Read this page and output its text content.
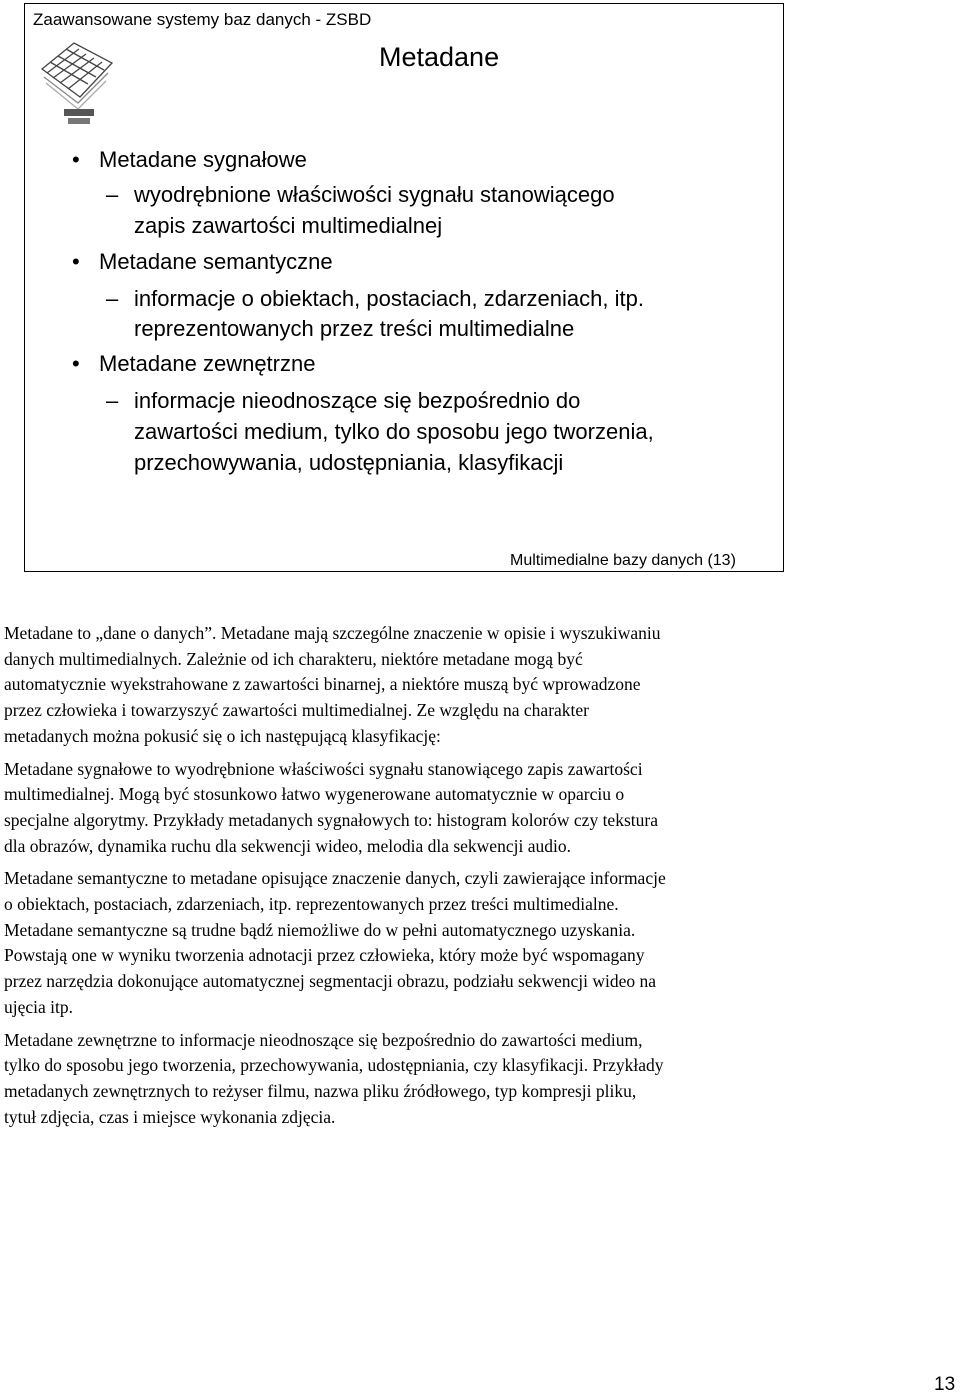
Zaawansowane systemy baz danych - ZSBD
Metadane
• Metadane sygnałowe
– wyodrębnione właściwości sygnału stanowiącego
zapis zawartości multimedialnej
• Metadane semantyczne
– informacje o obiektach, postaciach, zdarzeniach, itp.
reprezentowanych przez treści multimedialne
• Metadane zewnętrzne
– informacje nieodnoszące się bezpośrednio do
zawartości medium, tylko do sposobu jego tworzenia,
przechowywania, udostępniania, klasyfikacji
Multimedialne bazy danych (13)

Metadane to „dane o danych”. Metadane mają szczególne znaczenie w opisie i wyszukiwaniu
danych multimedialnych. Zależnie od ich charakteru, niektóre metadane mogą być
automatycznie wyekstrahowane z zawartości binarnej, a niektóre muszą być wprowadzone
przez człowieka i towarzyszyć zawartości multimedialnej. Ze względu na charakter
metadanych można pokusić się o ich następującą klasyfikację:

Metadane sygnałowe to wyodrębnione właściwości sygnału stanowiącego zapis zawartości
multimedialnej. Mogą być stosunkowo łatwo wygenerowane automatycznie w oparciu o
specjalne algorytmy. Przykłady metadanych sygnałowych to: histogram kolorów czy tekstura
dla obrazów, dynamika ruchu dla sekwencji wideo, melodia dla sekwencji audio.

Metadane semantyczne to metadane opisujące znaczenie danych, czyli zawierające informacje
o obiektach, postaciach, zdarzeniach, itp. reprezentowanych przez treści multimedialne.
Metadane semantyczne są trudne bądź niemożliwe do w pełni automatycznego uzyskania.
Powstają one w wyniku tworzenia adnotacji przez człowieka, który może być wspomagany
przez narzędzia dokonujące automatycznej segmentacji obrazu, podziału sekwencji wideo na
ujęcia itp.

Metadane zewnętrzne to informacje nieodnoszące się bezpośrednio do zawartości medium,
tylko do sposobu jego tworzenia, przechowywania, udostępniania, czy klasyfikacji. Przykłady
metadanych zewnętrznych to reżyser filmu, nazwa pliku źródłowego, typ kompresji pliku,
tytuł zdjęcia, czas i miejsce wykonania zdjęcia.

13
